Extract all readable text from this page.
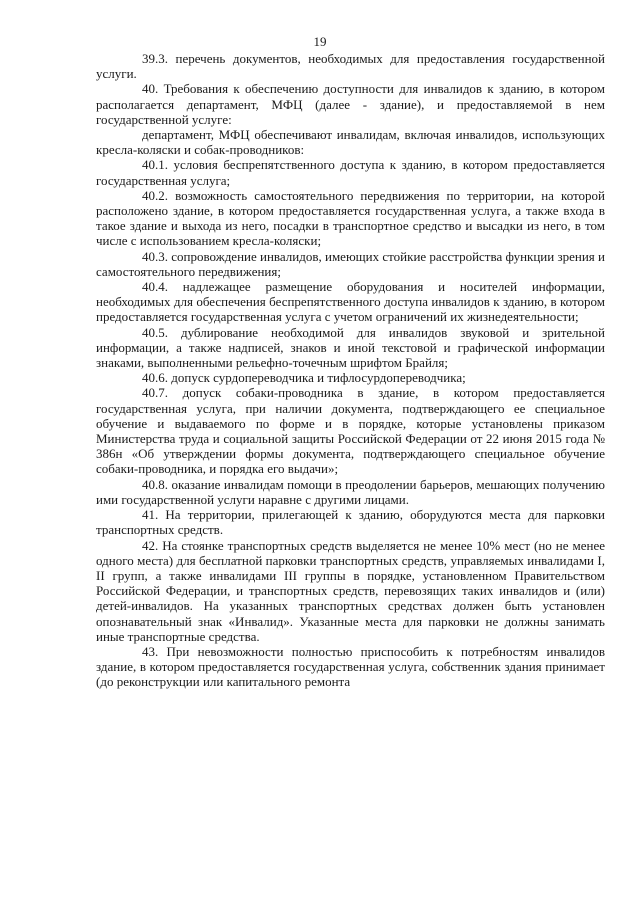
19

39.3. перечень документов, необходимых для предоставления государственной услуги.

40. Требования к обеспечению доступности для инвалидов к зданию, в котором располагается департамент, МФЦ (далее - здание), и предоставляемой в нем государственной услуге:

департамент, МФЦ обеспечивают инвалидам, включая инвалидов, использующих кресла-коляски и собак-проводников:

40.1. условия беспрепятственного доступа к зданию, в котором предоставляется государственная услуга;

40.2. возможность самостоятельного передвижения по территории, на которой расположено здание, в котором предоставляется государственная услуга, а также входа в такое здание и выхода из него, посадки в транспортное средство и высадки из него, в том числе с использованием кресла-коляски;

40.3. сопровождение инвалидов, имеющих стойкие расстройства функции зрения и самостоятельного передвижения;

40.4. надлежащее размещение оборудования и носителей информации, необходимых для обеспечения беспрепятственного доступа инвалидов к зданию, в котором предоставляется государственная услуга с учетом ограничений их жизнедеятельности;

40.5. дублирование необходимой для инвалидов звуковой и зрительной информации, а также надписей, знаков и иной текстовой и графической информации знаками, выполненными рельефно-точечным шрифтом Брайля;

40.6. допуск сурдопереводчика и тифлосурдопереводчика;

40.7. допуск собаки-проводника в здание, в котором предоставляется государственная услуга, при наличии документа, подтверждающего ее специальное обучение и выдаваемого по форме и в порядке, которые установлены приказом Министерства труда и социальной защиты Российской Федерации от 22 июня 2015 года № 386н «Об утверждении формы документа, подтверждающего специальное обучение собаки-проводника, и порядка его выдачи»;

40.8. оказание инвалидам помощи в преодолении барьеров, мешающих получению ими государственной услуги наравне с другими лицами.

41. На территории, прилегающей к зданию, оборудуются места для парковки транспортных средств.

42. На стоянке транспортных средств выделяется не менее 10% мест (но не менее одного места) для бесплатной парковки транспортных средств, управляемых инвалидами I, II групп, а также инвалидами III группы в порядке, установленном Правительством Российской Федерации, и транспортных средств, перевозящих таких инвалидов и (или) детей-инвалидов. На указанных транспортных средствах должен быть установлен опознавательный знак «Инвалид». Указанные места для парковки не должны занимать иные транспортные средства.

43. При невозможности полностью приспособить к потребностям инвалидов здание, в котором предоставляется государственная услуга, собственник здания принимает (до реконструкции или капитального ремонта
